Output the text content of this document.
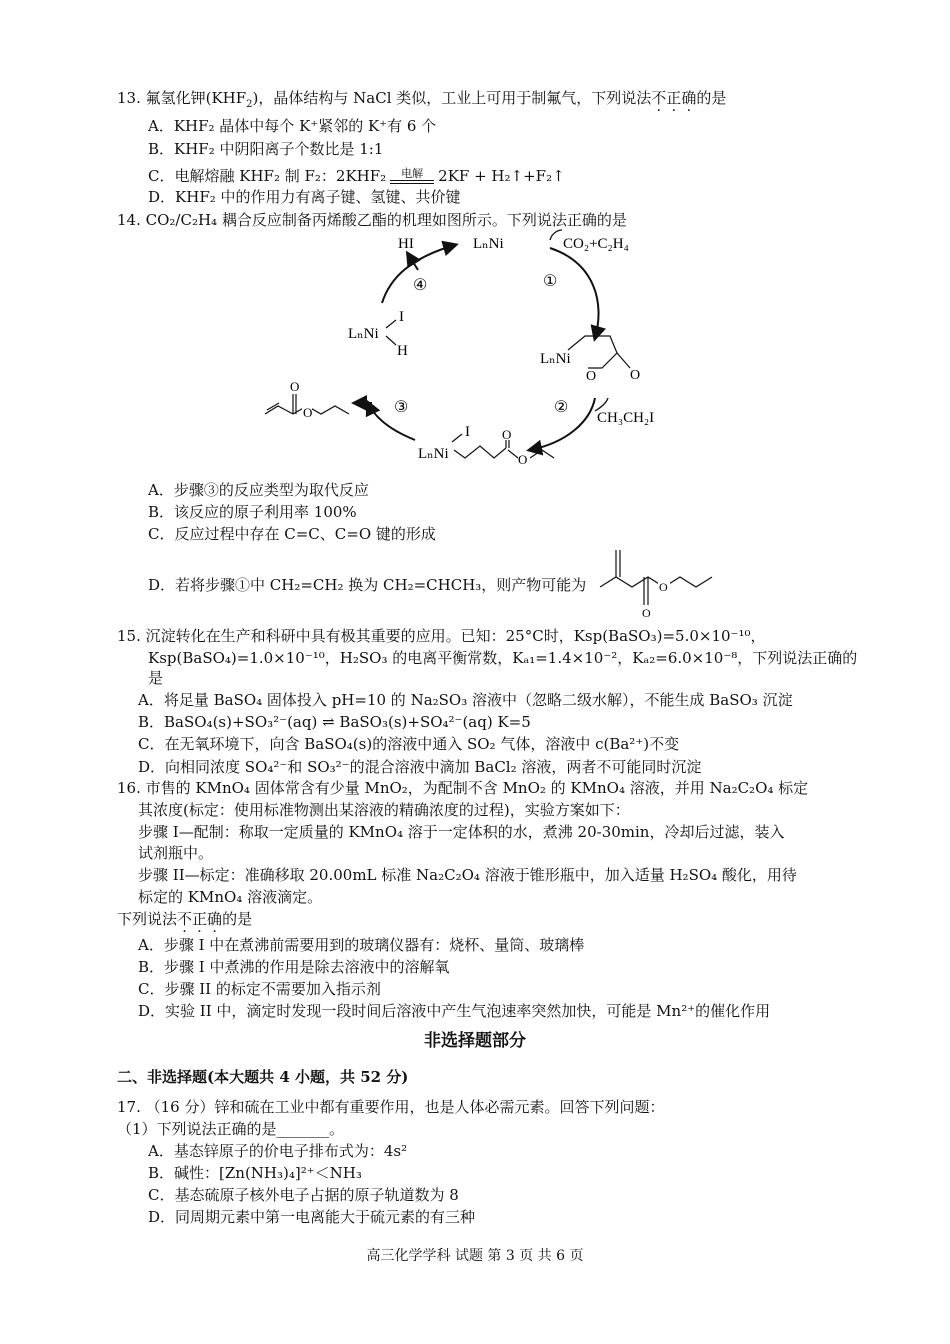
13. 氟氢化钾$(KHF_2)$，晶体结构与 NaCl 类似，工业上可用于制氟气，下列说法不正确的是
A．KHF₂ 晶体中每个 K⁺紧邻的 K⁺有 6 个
B．KHF₂ 中阴阳离子个数比是 1:1
C．电解熔融 KHF₂ 制 F₂：2KHF₂	电解	2KF + H₂↑+F₂↑
D．KHF₂ 中的作用力有离子键、氢键、共价键
14. CO₂/C₂H₄ 耦合反应制备丙烯酸乙酯的机理如图所示。下列说法正确的是
LₙNi	CO₂+C₂H₄
①
④
HI
LₙNi
I
H	LₙNi
O O
②
CH₃CH₂I
LₙNi
I O
O
③
O
O
A．步骤③的反应类型为取代反应
B．该反应的原子利用率 100%
C．反应过程中存在 C=C、C=O 键的形成
D．若将步骤①中 CH₂=CH₂ 换为 CH₂=CHCH₃，则产物可能为
O
O
15. 沉淀转化在生产和科研中具有极其重要的应用。已知：25°C时，Ksp(BaSO₃)=5.0×10⁻¹⁰，
Ksp(BaSO₄)=1.0×10⁻¹⁰，H₂SO₃ 的电离平衡常数，Kₐ₁=1.4×10⁻²，Kₐ₂=6.0×10⁻⁸，下列说法正确的
是
A．将足量 BaSO₄ 固体投入 pH=10 的 Na₂SO₃ 溶液中（忽略二级水解），不能生成 BaSO₃ 沉淀
B．BaSO₄(s)+SO₃²⁻(aq) ⇌ BaSO₃(s)+SO₄²⁻(aq) K=5
C．在无氧环境下，向含 BaSO₄(s)的溶液中通入 SO₂ 气体，溶液中 c(Ba²⁺)不变
D．向相同浓度 SO₄²⁻和 SO₃²⁻的混合溶液中滴加 BaCl₂ 溶液，两者不可能同时沉淀
16. 市售的 KMnO₄ 固体常含有少量 MnO₂，为配制不含 MnO₂ 的 KMnO₄ 溶液，并用 Na₂C₂O₄ 标定
其浓度(标定：使用标准物测出某溶液的精确浓度的过程)，实验方案如下：
步骤 I—配制：称取一定质量的 KMnO₄ 溶于一定体积的水，煮沸 20-30min，冷却后过滤，装入
试剂瓶中。
步骤 II—标定：准确移取 20.00mL 标准 Na₂C₂O₄ 溶液于锥形瓶中，加入适量 H₂SO₄ 酸化，用待
标定的 KMnO₄ 溶液滴定。
下列说法不正确的是
A．步骤 I 中在煮沸前需要用到的玻璃仪器有：烧杯、量筒、玻璃棒
B．步骤 I 中煮沸的作用是除去溶液中的溶解氧
C．步骤 II 的标定不需要加入指示剂
D．实验 II 中，滴定时发现一段时间后溶液中产生气泡速率突然加快，可能是 Mn²⁺的催化作用
非选择题部分
二、非选择题(本大题共 4 小题，共 52 分)
17. （16 分）锌和硫在工业中都有重要作用，也是人体必需元素。回答下列问题：
（1）下列说法正确的是_______。
A．基态锌原子的价电子排布式为：4s²
B．碱性：[Zn(NH₃)₄]²⁺＜NH₃
C．基态硫原子核外电子占据的原子轨道数为 8
D．同周期元素中第一电离能大于硫元素的有三种
高三化学学科 试题 第 3 页 共 6 页
